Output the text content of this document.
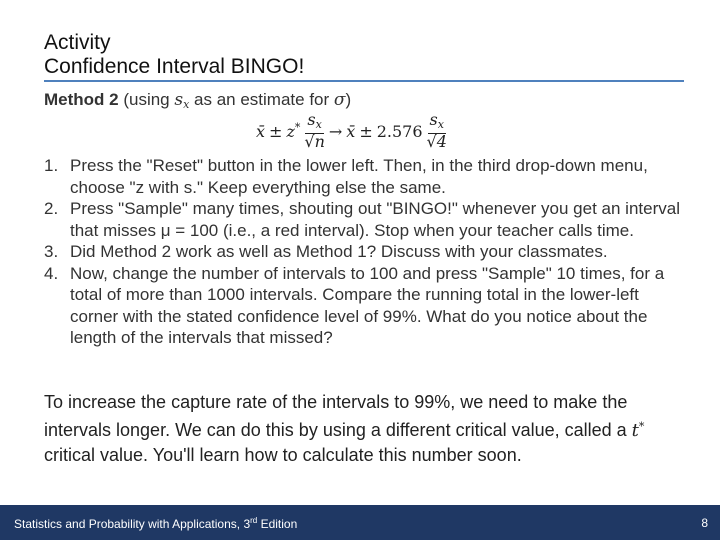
Activity
Confidence Interval BINGO!
Method 2 (using $s_x$ as an estimate for σ)
x̄ ± $z^* \frac{s_x}{√n}$ → x̄ ± $2.576 \frac{s_x}{√4}$
1. Press the "Reset" button in the lower left. Then, in the third drop-down menu, choose "z with s." Keep everything else the same.
2. Press "Sample" many times, shouting out "BINGO!" whenever you get an interval that misses μ = 100 (i.e., a red interval). Stop when your teacher calls time.
3. Did Method 2 work as well as Method 1? Discuss with your classmates.
4. Now, change the number of intervals to 100 and press "Sample" 10 times, for a total of more than 1000 intervals. Compare the running total in the lower-left corner with the stated confidence level of 99%. What do you notice about the length of the intervals that missed?
To increase the capture rate of the intervals to 99%, we need to make the intervals longer. We can do this by using a different critical value, called a t* critical value. You'll learn how to calculate this number soon.
Statistics and Probability with Applications, 3rd Edition	8
